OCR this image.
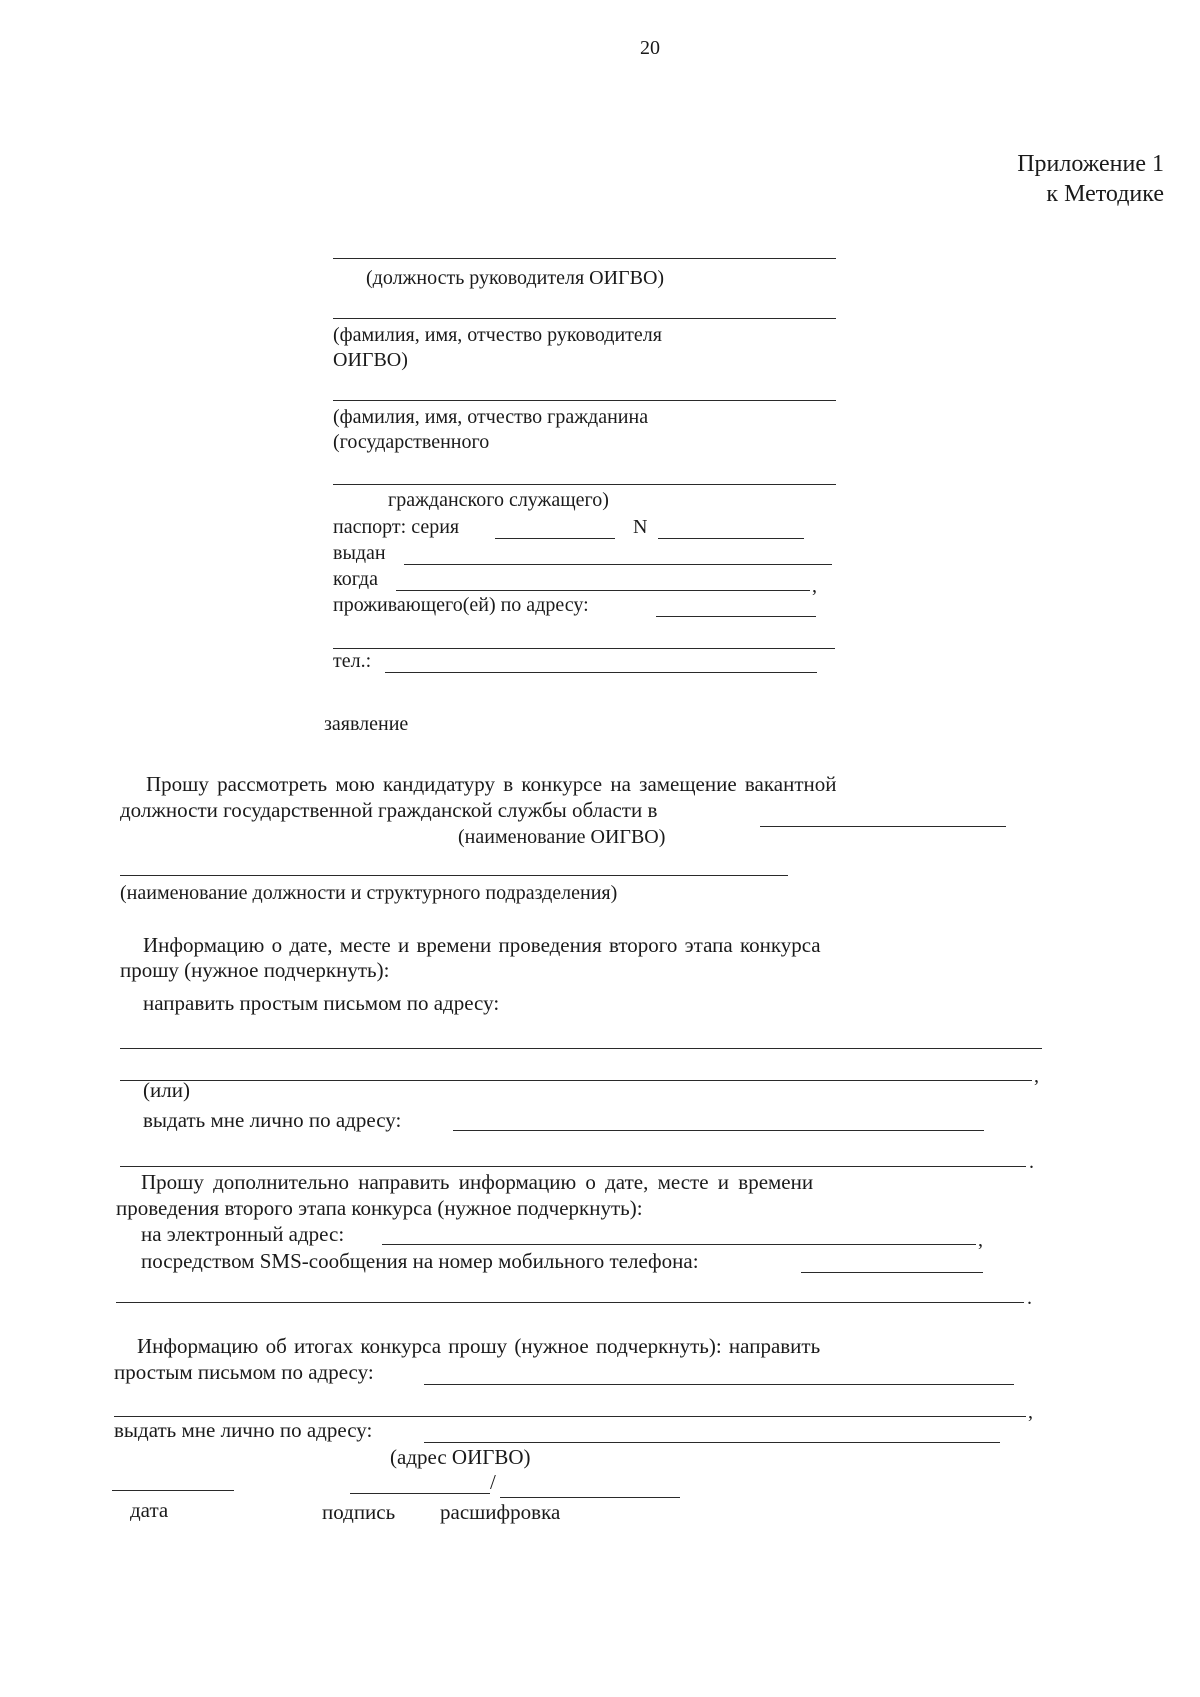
20
Приложение 1
к Методике
(должность руководителя ОИГВО)
(фамилия, имя, отчество руководителя
ОИГВО)
(фамилия, имя, отчество гражданина
(государственного
гражданского служащего)
паспорт: серия	N
выдан
когда	,
проживающего(ей) по адресу:
тел.:
заявление
Прошу рассмотреть мою кандидатуру в конкурсе на замещение вакантной
должности государственной гражданской службы области в
(наименование ОИГВО)
(наименование должности и структурного подразделения)
Информацию о дате, месте и времени проведения второго этапа конкурса
прошу (нужное подчеркнуть):
направить простым письмом по адресу:
,
(или)
выдать мне лично по адресу:
.
Прошу дополнительно направить информацию о дате, месте и времени
проведения второго этапа конкурса (нужное подчеркнуть):
на электронный адрес:	,
посредством SMS-сообщения на номер мобильного телефона:
.
Информацию об итогах конкурса прошу (нужное подчеркнуть): направить
простым письмом по адресу:
,
выдать мне лично по адресу:
(адрес ОИГВО)
/
дата	подпись расшифровка
